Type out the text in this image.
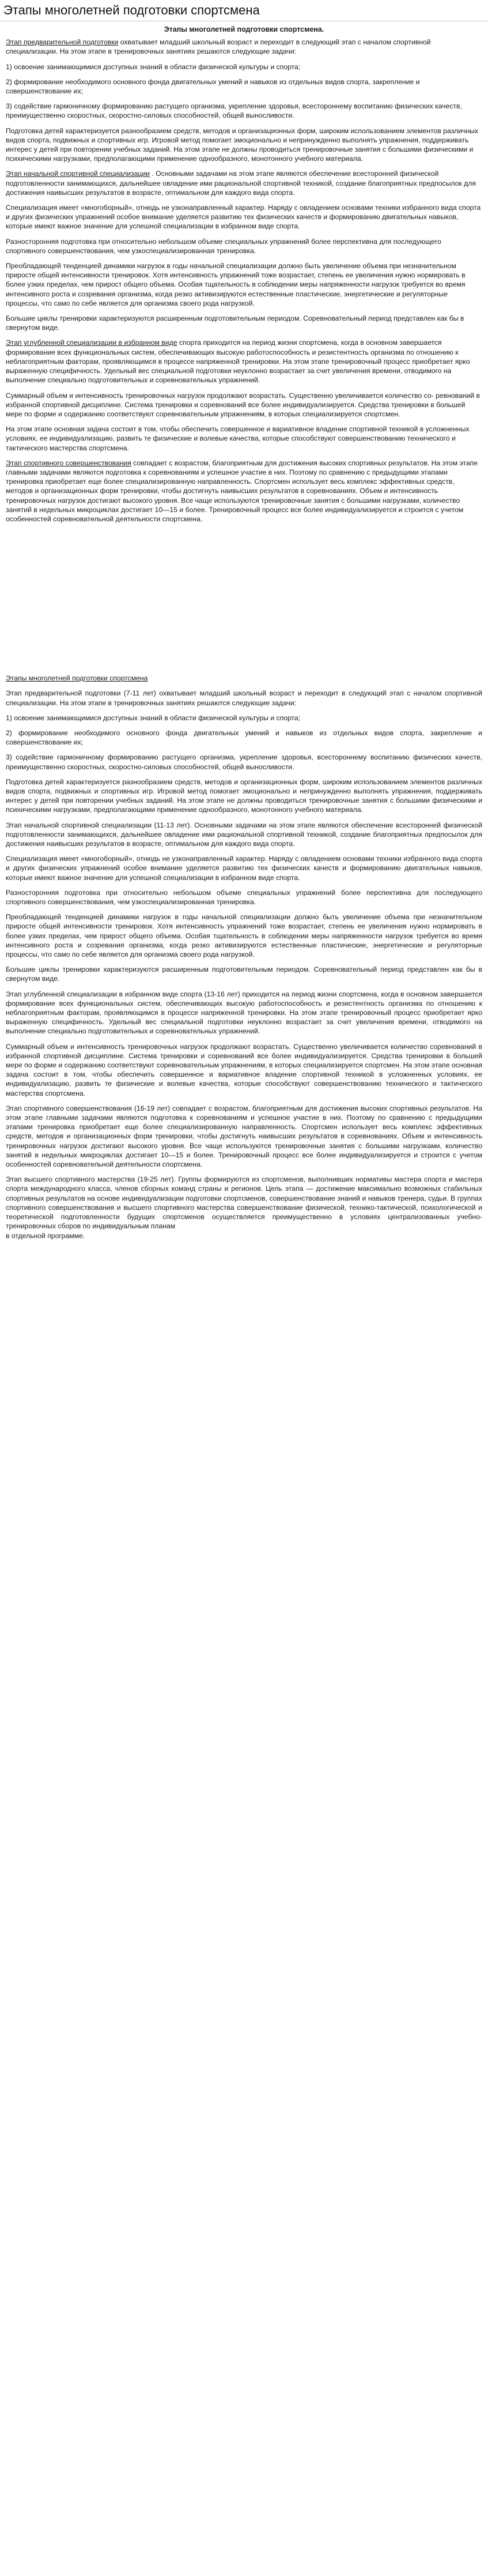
Этапы многолетней подготовки спортсмена
Этапы многолетней подготовки спортсмена.

Этап предварительной подготовки охватывает младший школьный возраст и переходит в следующий этап с началом спортивной специализации. На этом этапе в тренировочных занятиях решаются следующие задачи:

1) освоение занимающимися доступных знаний в области физической культуры и спорта;

2) формирование необходимого основного фонда двигательных умений и навыков из отдельных видов спорта, закрепление и совершенствование их;

3) содействие гармоничному формированию растущего организма, укрепление здоровья, всестороннему воспитанию физических качеств, преимущественно скоростных, скоростно-силовых способностей, общей выносливости.

Подготовка детей характеризуется разнообразием средств, методов и организационных форм, широким использованием элементов различных видов спорта, подвижных и спортивных игр. Игровой метод помогает эмоционально и непринужденно выполнять упражнения, поддерживать интерес у детей при повторении учебных заданий. На этом этапе не должны проводиться тренировочные занятия с большими физическими и психическими нагрузками, предполагающими применение однообразного, монотонного учебного материала.

Этап начальной спортивной специализации . Основными задачами на этом этапе являются обеспечение всесторонней физической подготовленности занимающихся, дальнейшее овладение ими рациональной спортивной техникой, создание благоприятных предпосылок для достижения наивысших результатов в возрасте, оптимальном для каждого вида спорта.

Специализация имеет «многоборный», отнюдь не узконаправленный характер. Наряду с овладением основами техники избранного вида спорта и других физических упражнений особое внимание уделяется развитию тех физических качеств и формированию двигательных навыков, которые имеют важное значение для успешной специализации в избранном виде спорта.

Разносторонняя подготовка при относительно небольшом объеме специальных упражнений более перспективна для последующего спортивного совершенствования, чем узкоспециализированная тренировка.

Преобладающей тенденцией динамики нагрузок в годы начальной специализации должно быть увеличение объема при незначительном приросте общей интенсивности тренировок. Хотя интенсивность упражнений тоже возрастает, степень ее увеличения нужно нормировать в более узких пределах, чем прирост общего объема. Особая тщательность в соблюдении меры напряженности нагрузок требуется во время интенсивного роста и созревания организма, когда резко активизируются естественные пластические, энергетические и регуляторные процессы, что само по себе является для организма своего рода нагрузкой.

Большие циклы тренировки характеризуются расширенным подготовительным периодом. Соревновательный период представлен как бы в свернутом виде.

Этап углубленной специализации в избранном виде спорта приходится на период жизни спортсмена, когда в основном завершается формирование всех функциональных систем, обеспечивающих высокую работоспособность и резистентность организма по отношению к неблагоприятным факторам, проявляющимся в процессе напряженной тренировки. На этом этапе тренировочный процесс приобретает ярко выраженную специфичность. Удельный вес специальной подготовки неуклонно возрастает за счет увеличения времени, отводимого на выполнение специально подготовительных и соревновательных упражнений.

Суммарный объем и интенсивность тренировочных нагрузок продолжают возрастать. Существенно увеличивается количество со- ревнований в избранной спортивной дисциплине. Система тренировки и соревнований все более индивидуализируется. Средства тренировки в большей мере по форме и содержанию соответствуют соревновательным упражнениям, в которых специализируется спортсмен.

На этом этапе основная задача состоит в том, чтобы обеспечить совершенное и вариативное владение спортивной техникой в усложненных условиях, ее индивидуализацию, развить те физические и волевые качества, которые способствуют совершенствованию технического и тактического мастерства спортсмена.

Этап спортивного совершенствования совпадает с возрастом, благоприятным для достижения высоких спортивных результатов. На этом этапе главными задачами являются подготовка к соревнованиям и успешное участие в них. Поэтому по сравнению с предыдущими этапами тренировка приобретает еще более специализированную направленность. Спортсмен использует весь комплекс эффективных средств, методов и организационных форм тренировки, чтобы достигнуть наивысших результатов в соревнованиях. Объем и интенсивность тренировочных нагрузок достигают высокого уровня. Все чаще используются тренировочные занятия с большими нагрузками, количество занятий в недельных микроциклах достигает 10—15 и более. Тренировочный процесс все более индивидуализируется и строится с учетом особенностей соревновательной деятельности спортсмена.

Этапы многолетней подготовки спортсмена

Этап предварительной подготовки (7-11 лет) охватывает младший школьный возраст и переходит в следующий этап с началом спортивной специализации. На этом этапе в тренировочных занятиях решаются следующие задачи:

1) освоение занимающимися доступных знаний в области физической культуры и спорта;

2) формирование необходимого основного фонда двигательных умений и навыков из отдельных видов спорта, закрепление и совершенствование их;

3) содействие гармоничному формированию растущего организма, укрепление здоровья, всестороннему воспитанию физических качеств, преимущественно скоростных, скоростно-силовых способностей, общей выносливости.

Подготовка детей характеризуется разнообразием средств, методов и организационных форм, широким использованием элементов различных видов спорта, подвижных и спортивных игр. Игровой метод помогает эмоционально и непринужденно выполнять упражнения, поддерживать интерес у детей при повторении учебных заданий. На этом этапе не должны проводиться тренировочные занятия с большими физическими и психическими нагрузками, предполагающими применение однообразного, монотонного учебного материала.

Этап начальной спортивной специализации (11-13 лет). Основными задачами на этом этапе являются обеспечение всесторонней физической подготовленности занимающихся, дальнейшее овладение ими рациональной спортивной техникой, создание благоприятных предпосылок для достижения наивысших результатов в возрасте, оптимальном для каждого вида спорта.

Специализация имеет «многоборный», отнюдь не узконаправленный характер. Наряду с овладением основами техники избранного вида спорта и других физических упражнений особое внимание уделяется развитию тех физических качеств и формированию двигательных навыков, которые имеют важное значение для успешной специализации в избранном виде спорта.

Разносторонняя подготовка при относительно небольшом объеме специальных упражнений более перспективна для последующего спортивного совершенствования, чем узкоспециализированная тренировка.

Преобладающей тенденцией динамики нагрузок в годы начальной специализации должно быть увеличение объема при незначительном приросте общей интенсивности тренировок. Хотя интенсивность упражнений тоже возрастает, степень ее увеличения нужно нормировать в более узких пределах, чем прирост общего объема. Особая тщательность в соблюдении меры напряженности нагрузок требуется во время интенсивного роста и созревания организма, когда резко активизируются естественные пластические, энергетические и регуляторные процессы, что само по себе является для организма своего рода нагрузкой.

Большие циклы тренировки характеризуются расширенным подготовительным периодом. Соревновательный период представлен как бы в свернутом виде.

Этап углубленной специализации в избранном виде спорта (13-16 лет) приходится на период жизни спортсмена, когда в основном завершается формирование всех функциональных систем, обеспечивающих высокую работоспособность и резистентность организма по отношению к неблагоприятным факторам, проявляющимся в процессе напряженной тренировки. На этом этапе тренировочный процесс приобретает ярко выраженную специфичность. Удельный вес специальной подготовки неуклонно возрастает за счет увеличения времени, отводимого на выполнение специально подготовительных и соревновательных упражнений.

Суммарный объем и интенсивность тренировочных нагрузок продолжают возрастать. Существенно увеличивается количество соревнований в избранной спортивной дисциплине. Система тренировки и соревнований все более индивидуализируется. Средства тренировки в большей мере по форме и содержанию соответствуют соревновательным упражнениям, в которых специализируется спортсмен. На этом этапе основная задача состоит в том, чтобы обеспечить совершенное и вариативное владение спортивной техникой в усложненных условиях, ее индивидуализацию, развить те физические и волевые качества, которые способствуют совершенствованию технического и тактического мастерства спортсмена.

Этап спортивного совершенствования (16-19 лет) совпадает с возрастом, благоприятным для достижения высоких спортивных результатов. На этом этапе главными задачами являются подготовка к соревнованиям и успешное участие в них. Поэтому по сравнению с предыдущими этапами тренировка приобретает еще более специализированную направленность. Спортсмен использует весь комплекс эффективных средств, методов и организационных форм тренировки, чтобы достигнуть наивысших результатов в соревнованиях. Объем и интенсивность тренировочных нагрузок достигают высокого уровня. Все чаще используются тренировочные занятия с большими нагрузками, количество занятий в недельных микроциклах достигает 10—15 и более. Тренировочный процесс все более индивидуализируется и строится с учетом особенностей соревновательной деятельности спортсмена.

Этап высшего спортивного мастерства (19-25 лет). Группы формируются из спортсменов, выполнивших нормативы мастера спорта и мастера спорта международного класса, членов сборных команд страны и регионов. Цель этапа — достижение максимально возможных стабильных спортивных результатов на основе индивидуализации подготовки спортсменов, совершенствование знаний и навыков тренера, судьи. В группах спортивного совершенствования и высшего спортивного мастерства совершенствование физической, технико-тактической, психологической и теоретической подготовленности будущих спортсменов осуществляется преимущественно в условиях централизованных учебно-тренировочных сборов по индивидуальным планам

в отдельной программе.
